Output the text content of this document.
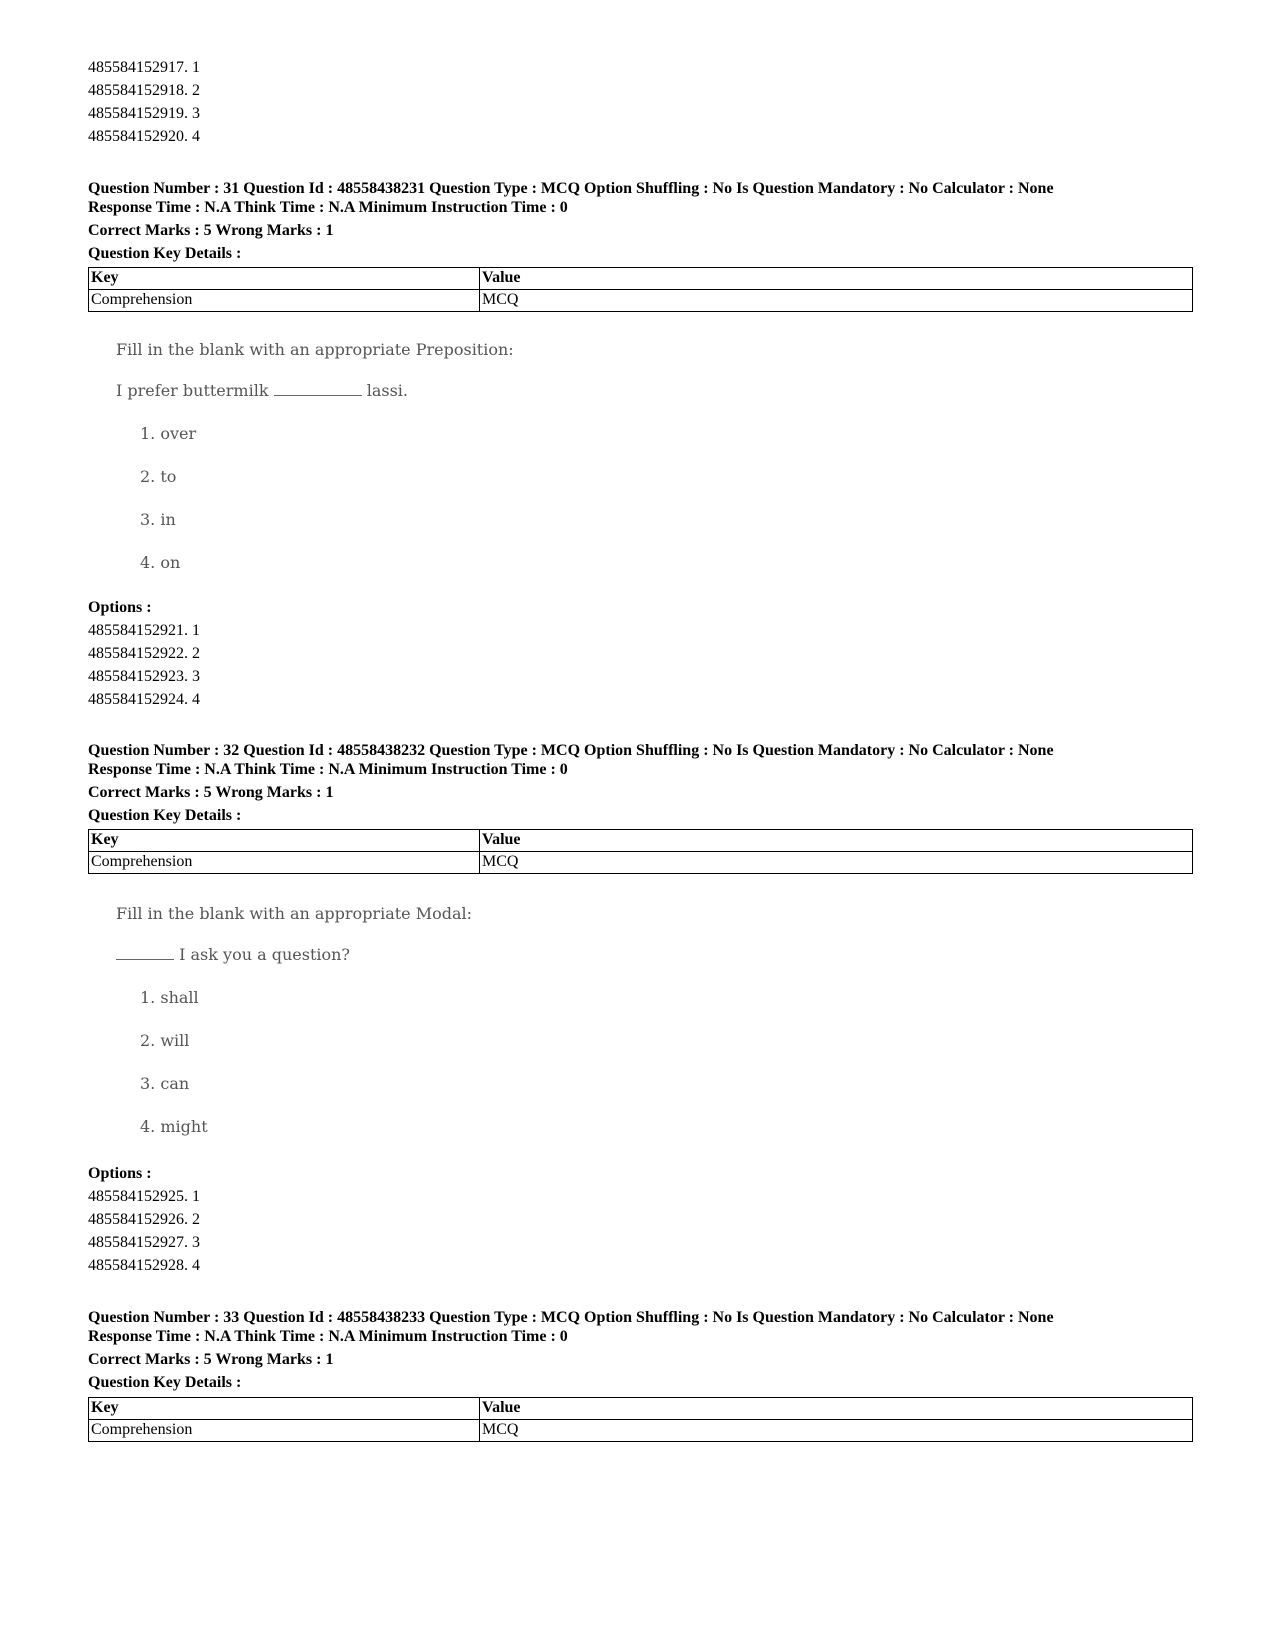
485584152917. 1
485584152918. 2
485584152919. 3
485584152920. 4
Question Number : 31 Question Id : 48558438231 Question Type : MCQ Option Shuffling : No Is Question Mandatory : No Calculator : None
Response Time : N.A Think Time : N.A Minimum Instruction Time : 0
Correct Marks : 5 Wrong Marks : 1
Question Key Details :
Key	Value
Comprehension	MCQ
Fill in the blank with an appropriate Preposition:
I prefer buttermilk	lassi.
1. over
2. to
3. in
4. on
Options :
485584152921. 1
485584152922. 2
485584152923. 3
485584152924. 4
Question Number : 32 Question Id : 48558438232 Question Type : MCQ Option Shuffling : No Is Question Mandatory : No Calculator : None
Response Time : N.A Think Time : N.A Minimum Instruction Time : 0
Correct Marks : 5 Wrong Marks : 1
Question Key Details :
Key	Value
Comprehension	MCQ
Fill in the blank with an appropriate Modal:
I ask you a question?
1. shall
2. will
3. can
4. might
Options :
485584152925. 1
485584152926. 2
485584152927. 3
485584152928. 4
Question Number : 33 Question Id : 48558438233 Question Type : MCQ Option Shuffling : No Is Question Mandatory : No Calculator : None
Response Time : N.A Think Time : N.A Minimum Instruction Time : 0
Correct Marks : 5 Wrong Marks : 1
Question Key Details :
Key	Value
Comprehension	MCQ
